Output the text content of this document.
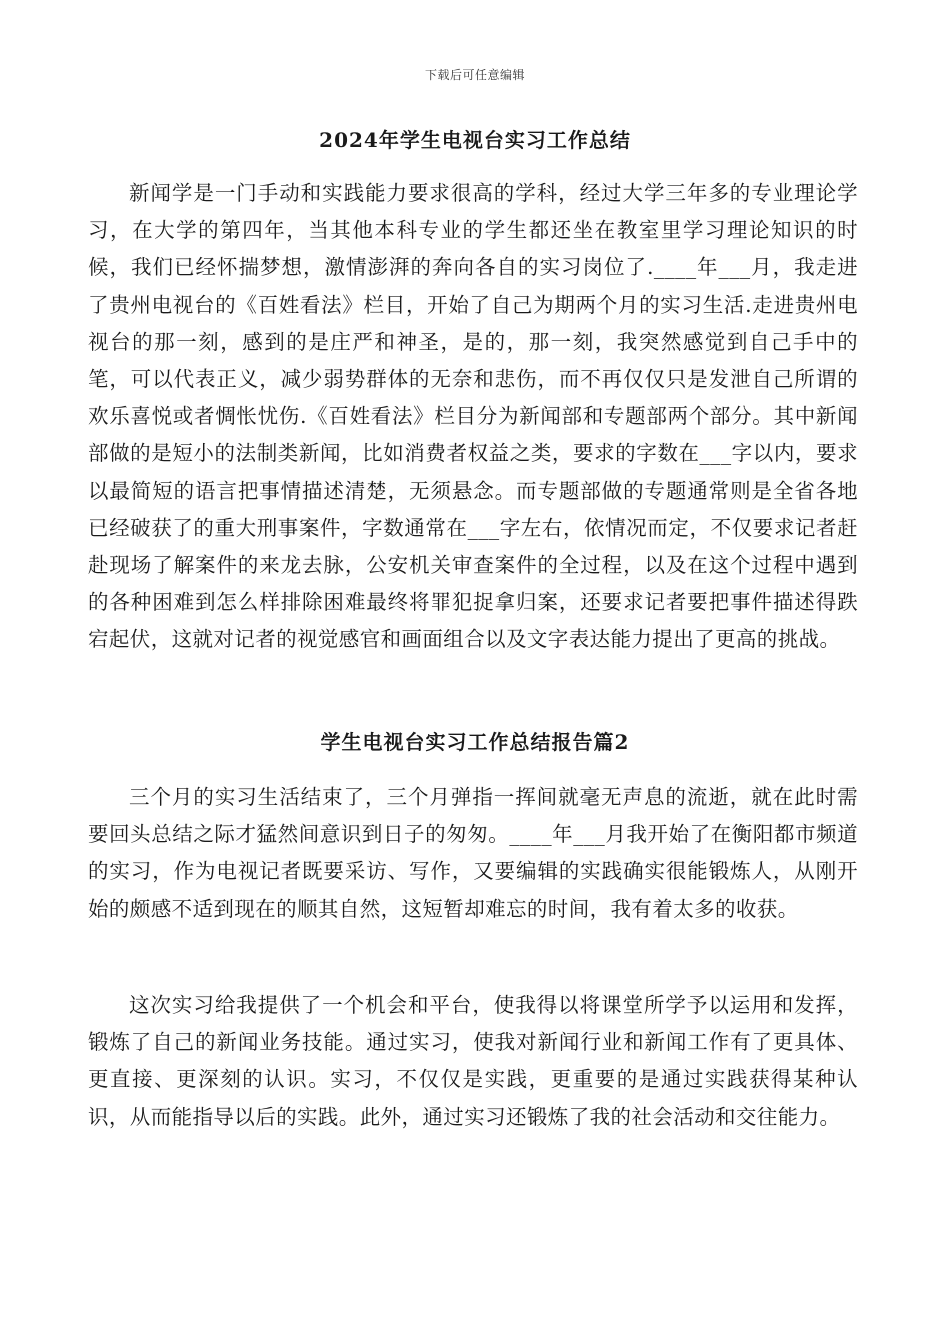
下载后可任意编辑
2024年学生电视台实习工作总结

新闻学是一门手动和实践能力要求很高的学科，经过大学三年多的专业理论学习，在大学的第四年，当其他本科专业的学生都还坐在教室里学习理论知识的时候，我们已经怀揣梦想，激情澎湃的奔向各自的实习岗位了.____年___月，我走进了贵州电视台的《百姓看法》栏目，开始了自己为期两个月的实习生活.走进贵州电视台的那一刻，感到的是庄严和神圣，是的，那一刻，我突然感觉到自己手中的笔，可以代表正义，减少弱势群体的无奈和悲伤，而不再仅仅只是发泄自己所谓的欢乐喜悦或者惆怅忧伤.《百姓看法》栏目分为新闻部和专题部两个部分。其中新闻部做的是短小的法制类新闻，比如消费者权益之类，要求的字数在___字以内，要求以最简短的语言把事情描述清楚，无须悬念。而专题部做的专题通常则是全省各地已经破获了的重大刑事案件，字数通常在___字左右，依情况而定，不仅要求记者赶赴现场了解案件的来龙去脉，公安机关审查案件的全过程，以及在这个过程中遇到的各种困难到怎么样排除困难最终将罪犯捉拿归案，还要求记者要把事件描述得跌宕起伏，这就对记者的视觉感官和画面组合以及文字表达能力提出了更高的挑战。

学生电视台实习工作总结报告篇2

三个月的实习生活结束了，三个月弹指一挥间就毫无声息的流逝，就在此时需要回头总结之际才猛然间意识到日子的匆匆。____年___月我开始了在衡阳都市频道的实习，作为电视记者既要采访、写作，又要编辑的实践确实很能锻炼人，从刚开始的颇感不适到现在的顺其自然，这短暂却难忘的时间，我有着太多的收获。

这次实习给我提供了一个机会和平台，使我得以将课堂所学予以运用和发挥，锻炼了自己的新闻业务技能。通过实习，使我对新闻行业和新闻工作有了更具体、更直接、更深刻的认识。实习，不仅仅是实践，更重要的是通过实践获得某种认识，从而能指导以后的实践。此外，通过实习还锻炼了我的社会活动和交往能力。
